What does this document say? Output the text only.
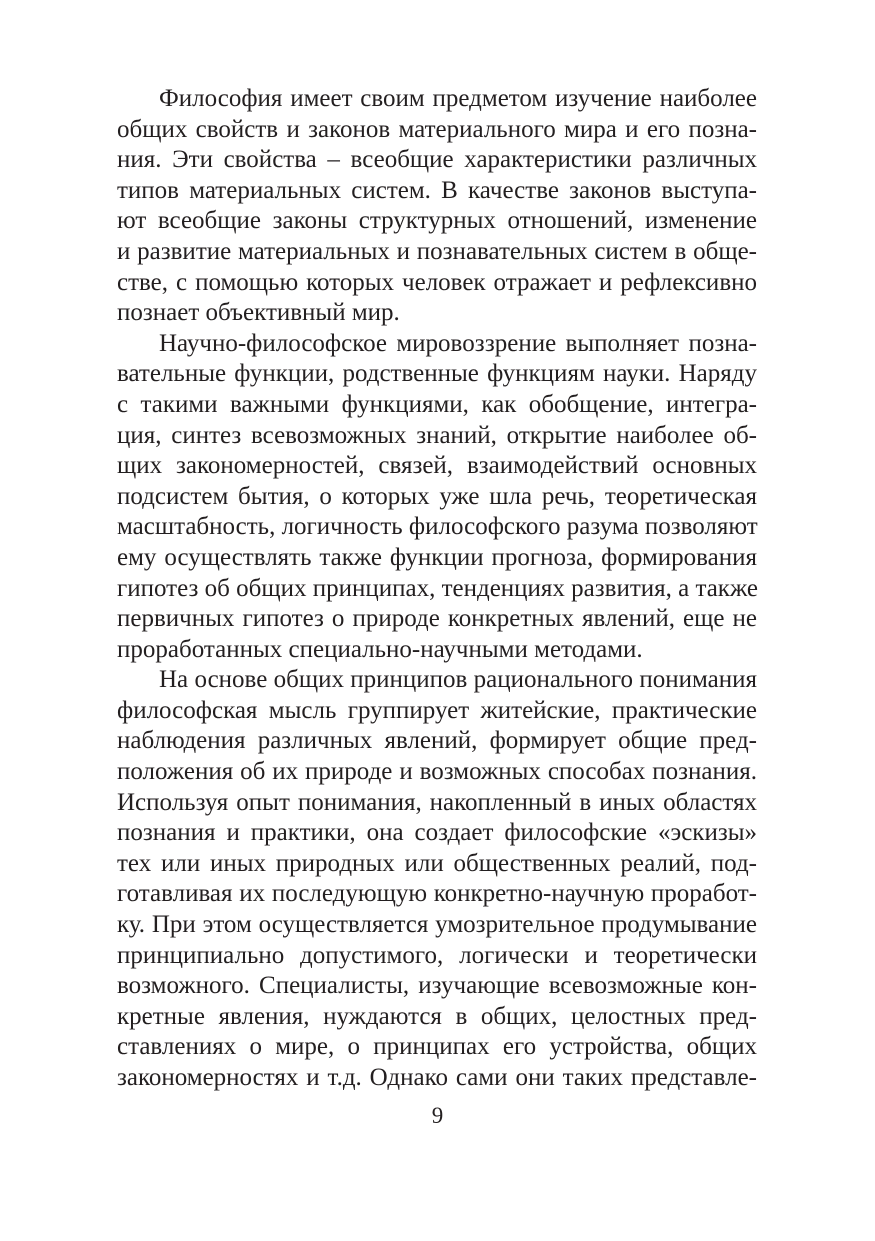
Философия имеет своим предметом изучение наиболее
общих свойств и законов материального мира и его позна-
ния. Эти свойства – всеобщие характеристики различных
типов материальных систем. В качестве законов выступа-
ют всеобщие законы структурных отношений, изменение
и развитие материальных и познавательных систем в обще-
стве, с помощью которых человек отражает и рефлексивно
познает объективный мир.
Научно-философское мировоззрение выполняет позна-
вательные функции, родственные функциям науки. Наряду
с такими важными функциями, как обобщение, интегра-
ция, синтез всевозможных знаний, открытие наиболее об-
щих закономерностей, связей, взаимодействий основных
подсистем бытия, о которых уже шла речь, теоретическая
масштабность, логичность философского разума позволяют
ему осуществлять также функции прогноза, формирования
гипотез об общих принципах, тенденциях развития, а также
первичных гипотез о природе конкретных явлений, еще не
проработанных специально-научными методами.
На основе общих принципов рационального понимания
философская мысль группирует житейские, практические
наблюдения различных явлений, формирует общие пред-
положения об их природе и возможных способах познания.
Используя опыт понимания, накопленный в иных областях
познания и практики, она создает философские «эскизы»
тех или иных природных или общественных реалий, под-
готавливая их последующую конкретно-научную проработ-
ку. При этом осуществляется умозрительное продумывание
принципиально допустимого, логически и теоретически
возможного. Специалисты, изучающие всевозможные кон-
кретные явления, нуждаются в общих, целостных пред-
ставлениях о мире, о принципах его устройства, общих
закономерностях и т.д. Однако сами они таких представле-
9
